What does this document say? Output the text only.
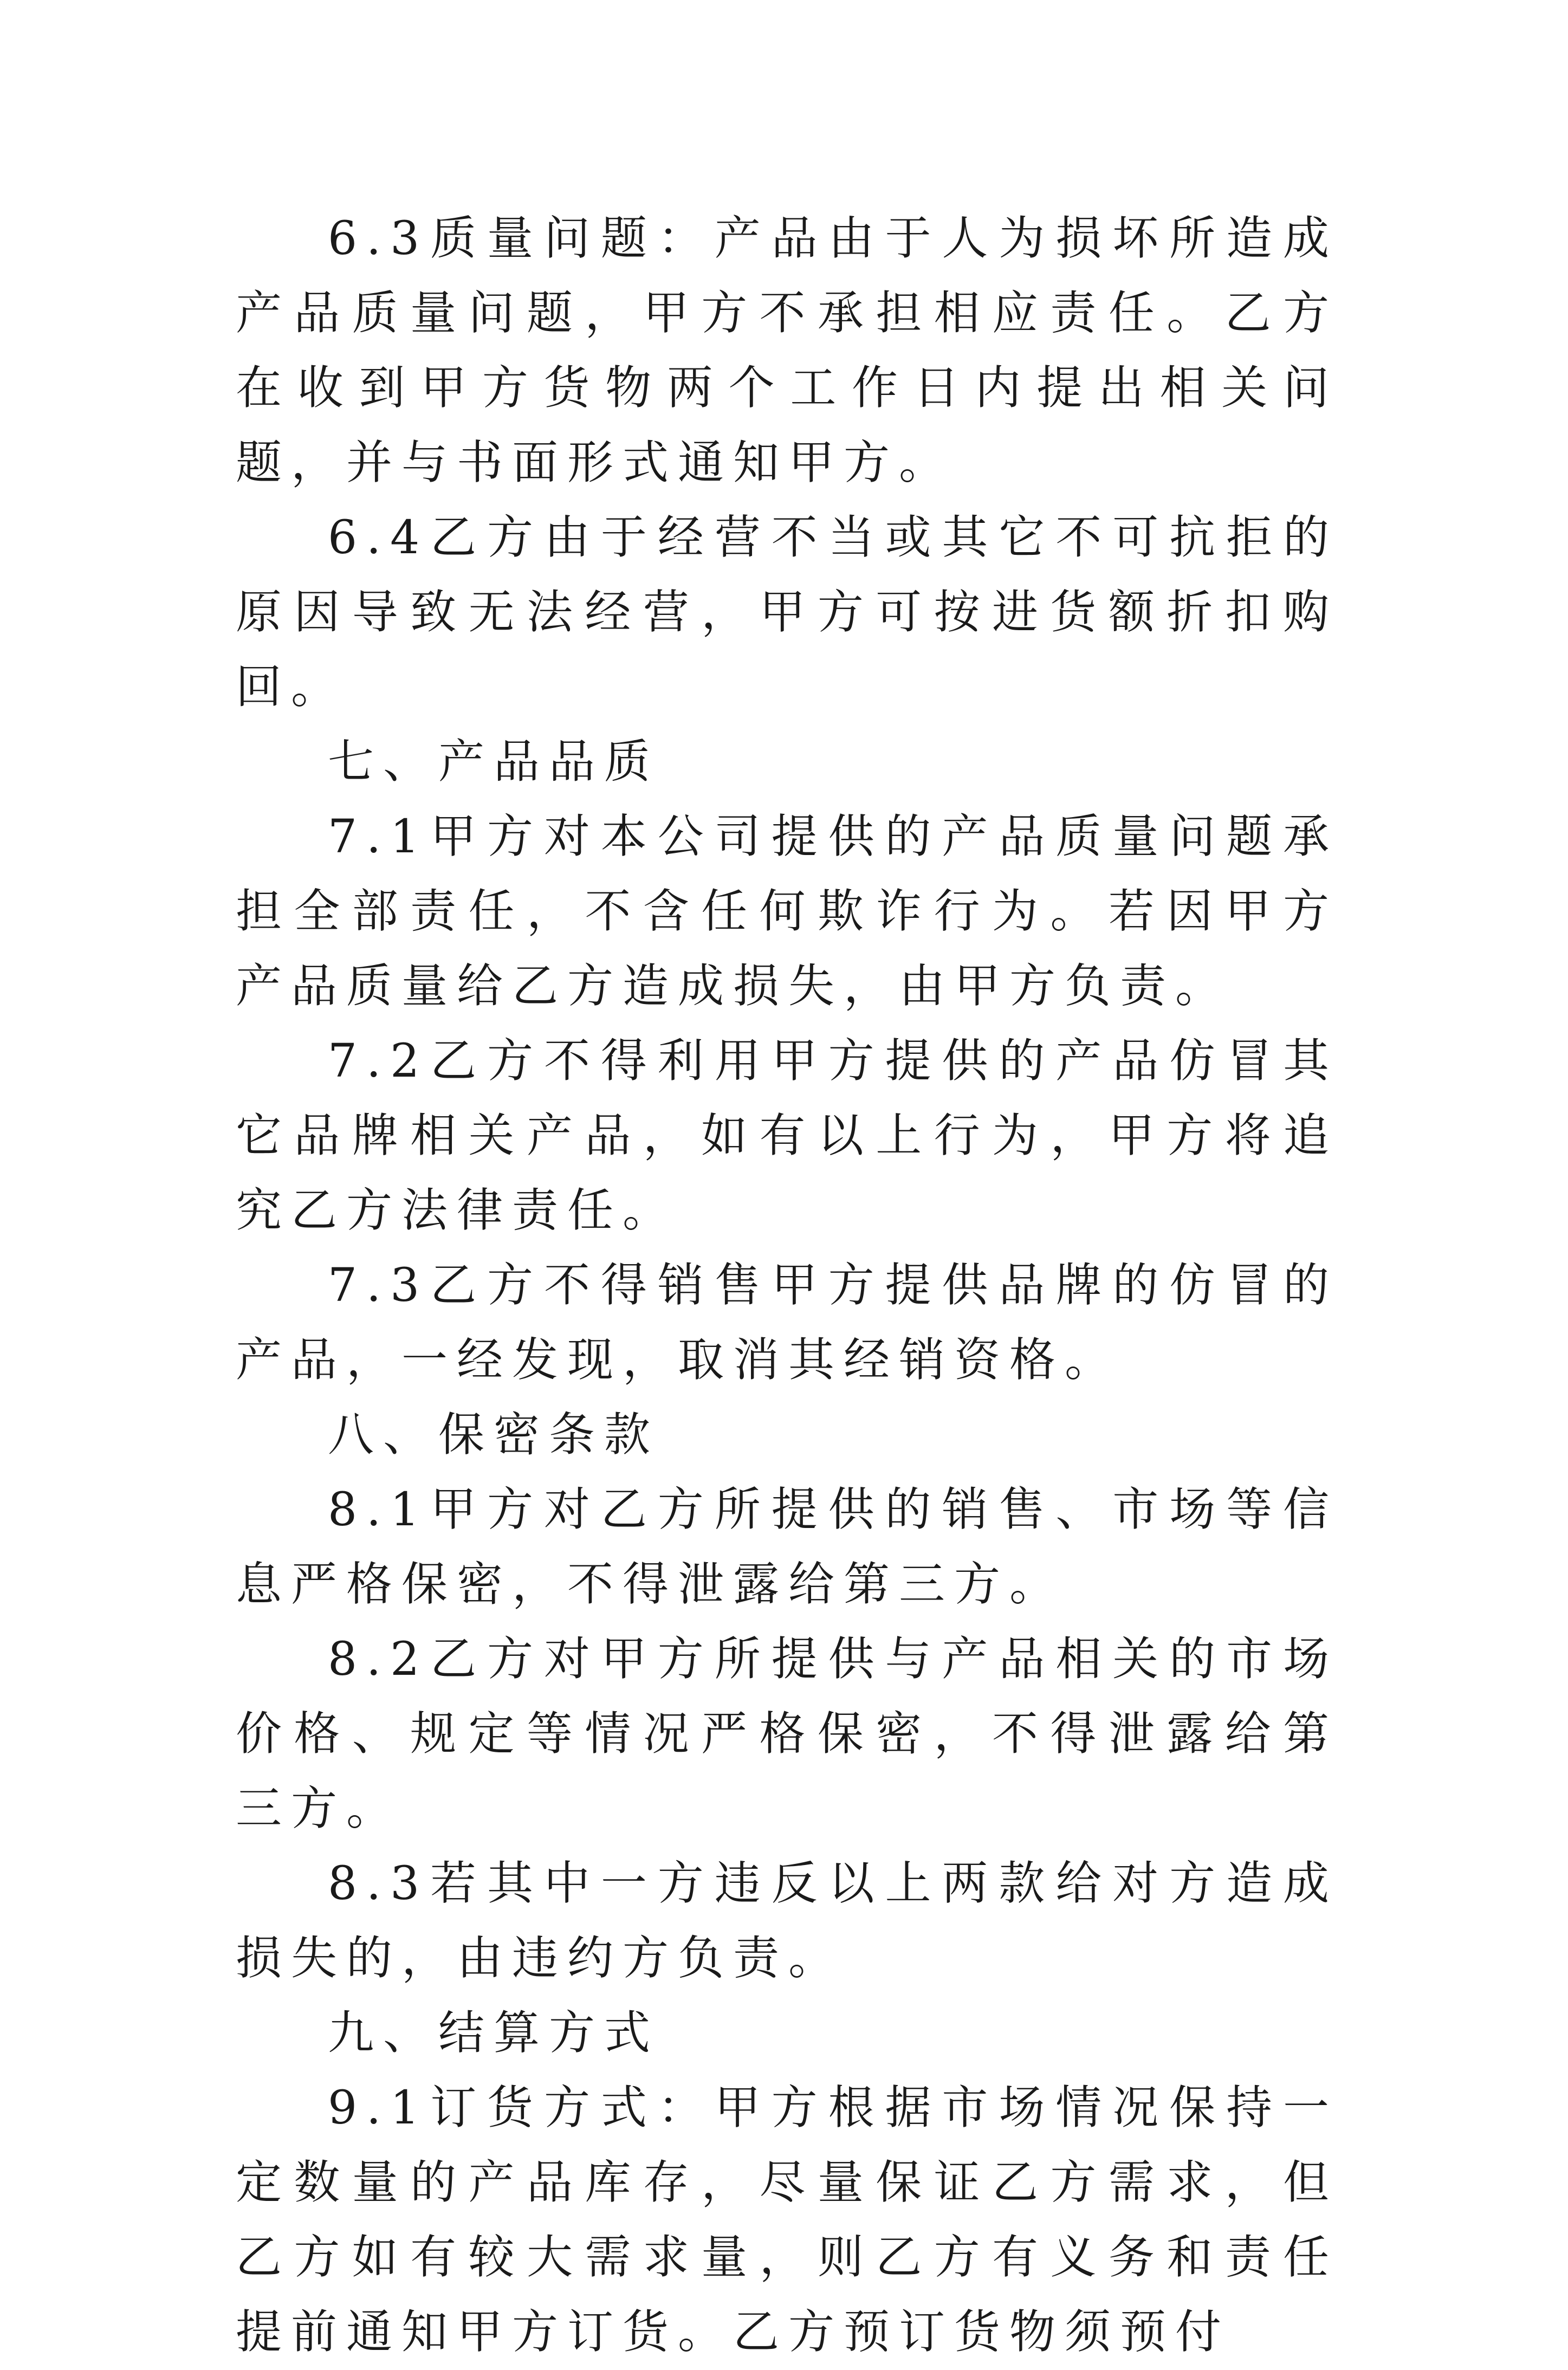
6.3质量问题：产品由于人为损坏所造成产品质量问题，甲方不承担相应责任。乙方在收到甲方货物两个工作日内提出相关问题，并与书面形式通知甲方。

6.4乙方由于经营不当或其它不可抗拒的原因导致无法经营，甲方可按进货额折扣购回。

七、产品品质

7.1甲方对本公司提供的产品质量问题承担全部责任，不含任何欺诈行为。若因甲方产品质量给乙方造成损失，由甲方负责。

7.2乙方不得利用甲方提供的产品仿冒其它品牌相关产品，如有以上行为，甲方将追究乙方法律责任。

7.3乙方不得销售甲方提供品牌的仿冒的产品，一经发现，取消其经销资格。

八、保密条款

8.1甲方对乙方所提供的销售、市场等信息严格保密，不得泄露给第三方。

8.2乙方对甲方所提供与产品相关的市场价格、规定等情况严格保密，不得泄露给第三方。

8.3若其中一方违反以上两款给对方造成损失的，由违约方负责。

九、结算方式

9.1订货方式：甲方根据市场情况保持一定数量的产品库存，尽量保证乙方需求，但乙方如有较大需求量，则乙方有义务和责任提前通知甲方订货。乙方预订货物须预付
